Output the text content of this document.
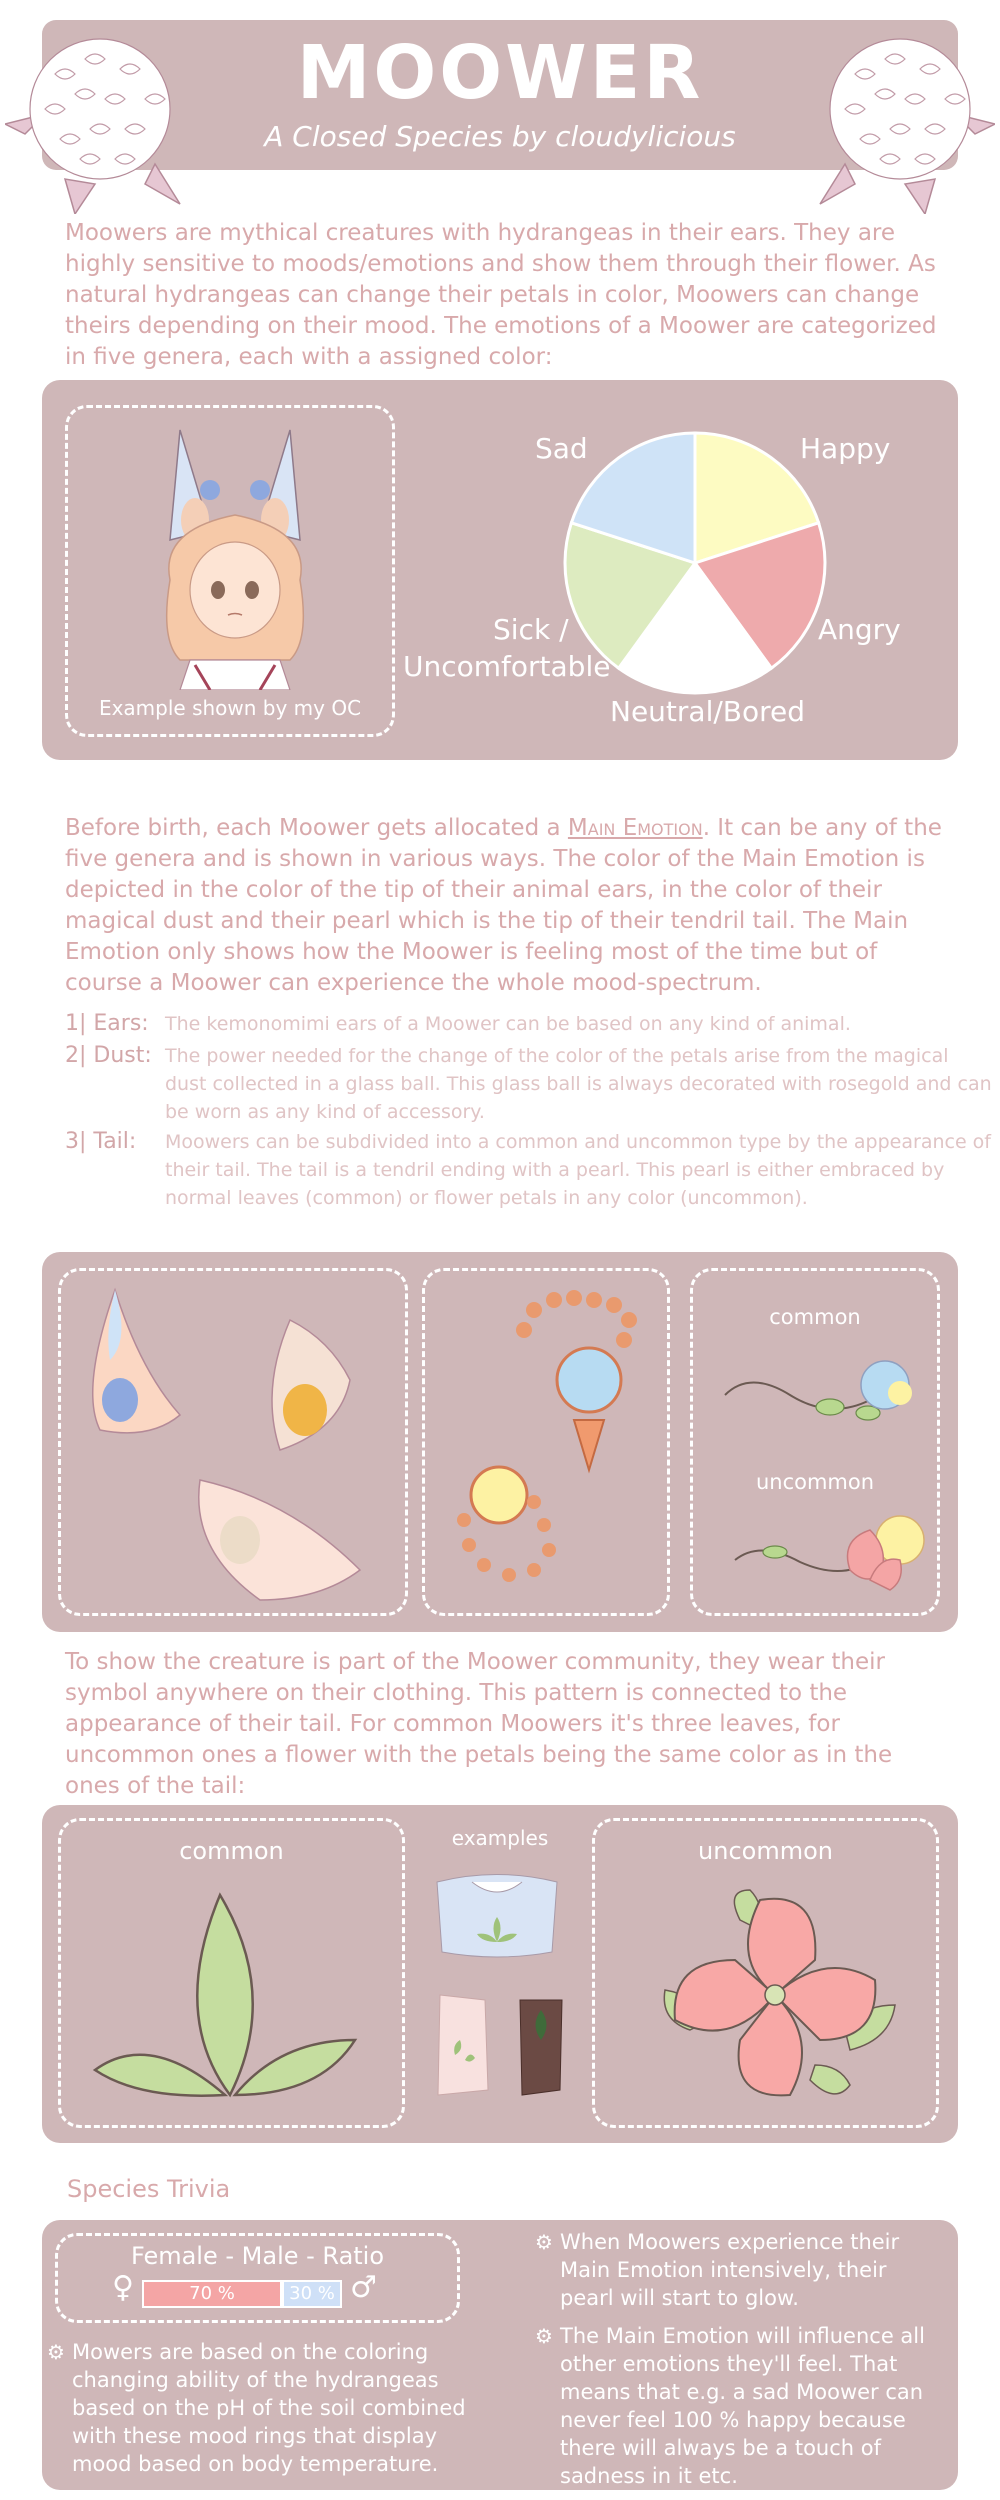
MOOWER
A Closed Species by cloudylicious
Moowers are mythical creatures with hydrangeas in their ears. They are highly sensitive to moods/emotions and show them through their flower. As natural hydrangeas can change their petals in color, Moowers can change theirs depending on their mood. The emotions of a Moower are categorized in five genera, each with a assigned color:
Example shown by my OC
Sad	Happy
Angry
Neutral/Bored
Sick /
Uncomfortable
Before birth, each Moower gets allocated a Main Emotion. It can be any of the five genera and is shown in various ways. The color of the Main Emotion is depicted in the color of the tip of their animal ears, in the color of their magical dust and their pearl which is the tip of their tendril tail. The Main Emotion only shows how the Moower is feeling most of the time but of course a Moower can experience the whole mood-spectrum.
1| Ears: The kemonomimi ears of a Moower can be based on any kind of animal.
2| Dust: The power needed for the change of the color of the petals arise from the magical dust collected in a glass ball. This glass ball is always decorated with rosegold and can be worn as any kind of accessory.
3| Tail: Moowers can be subdivided into a common and uncommon type by the appearance of their tail. The tail is a tendril ending with a pearl. This pearl is either embraced by normal leaves (common) or flower petals in any color (uncommon).
common
uncommon
To show the creature is part of the Moower community, they wear their symbol anywhere on their clothing. This pattern is connected to the appearance of their tail. For common Moowers it's three leaves, for uncommon ones a flower with the petals being the same color as in the ones of the tail:
common	examples	uncommon
Species Trivia
Female - Male - Ratio
♀	♂
70 %	30 %
⚙ Mowers are based on the coloring changing ability of the hydrangeas based on the pH of the soil combined with these mood rings that display mood based on body temperature.
⚙ When Moowers experience their Main Emotion intensively, their pearl will start to glow.
⚙ The Main Emotion will influence all other emotions they'll feel. That means that e.g. a sad Moower can never feel 100 % happy because there will always be a touch of sadness in it etc.
